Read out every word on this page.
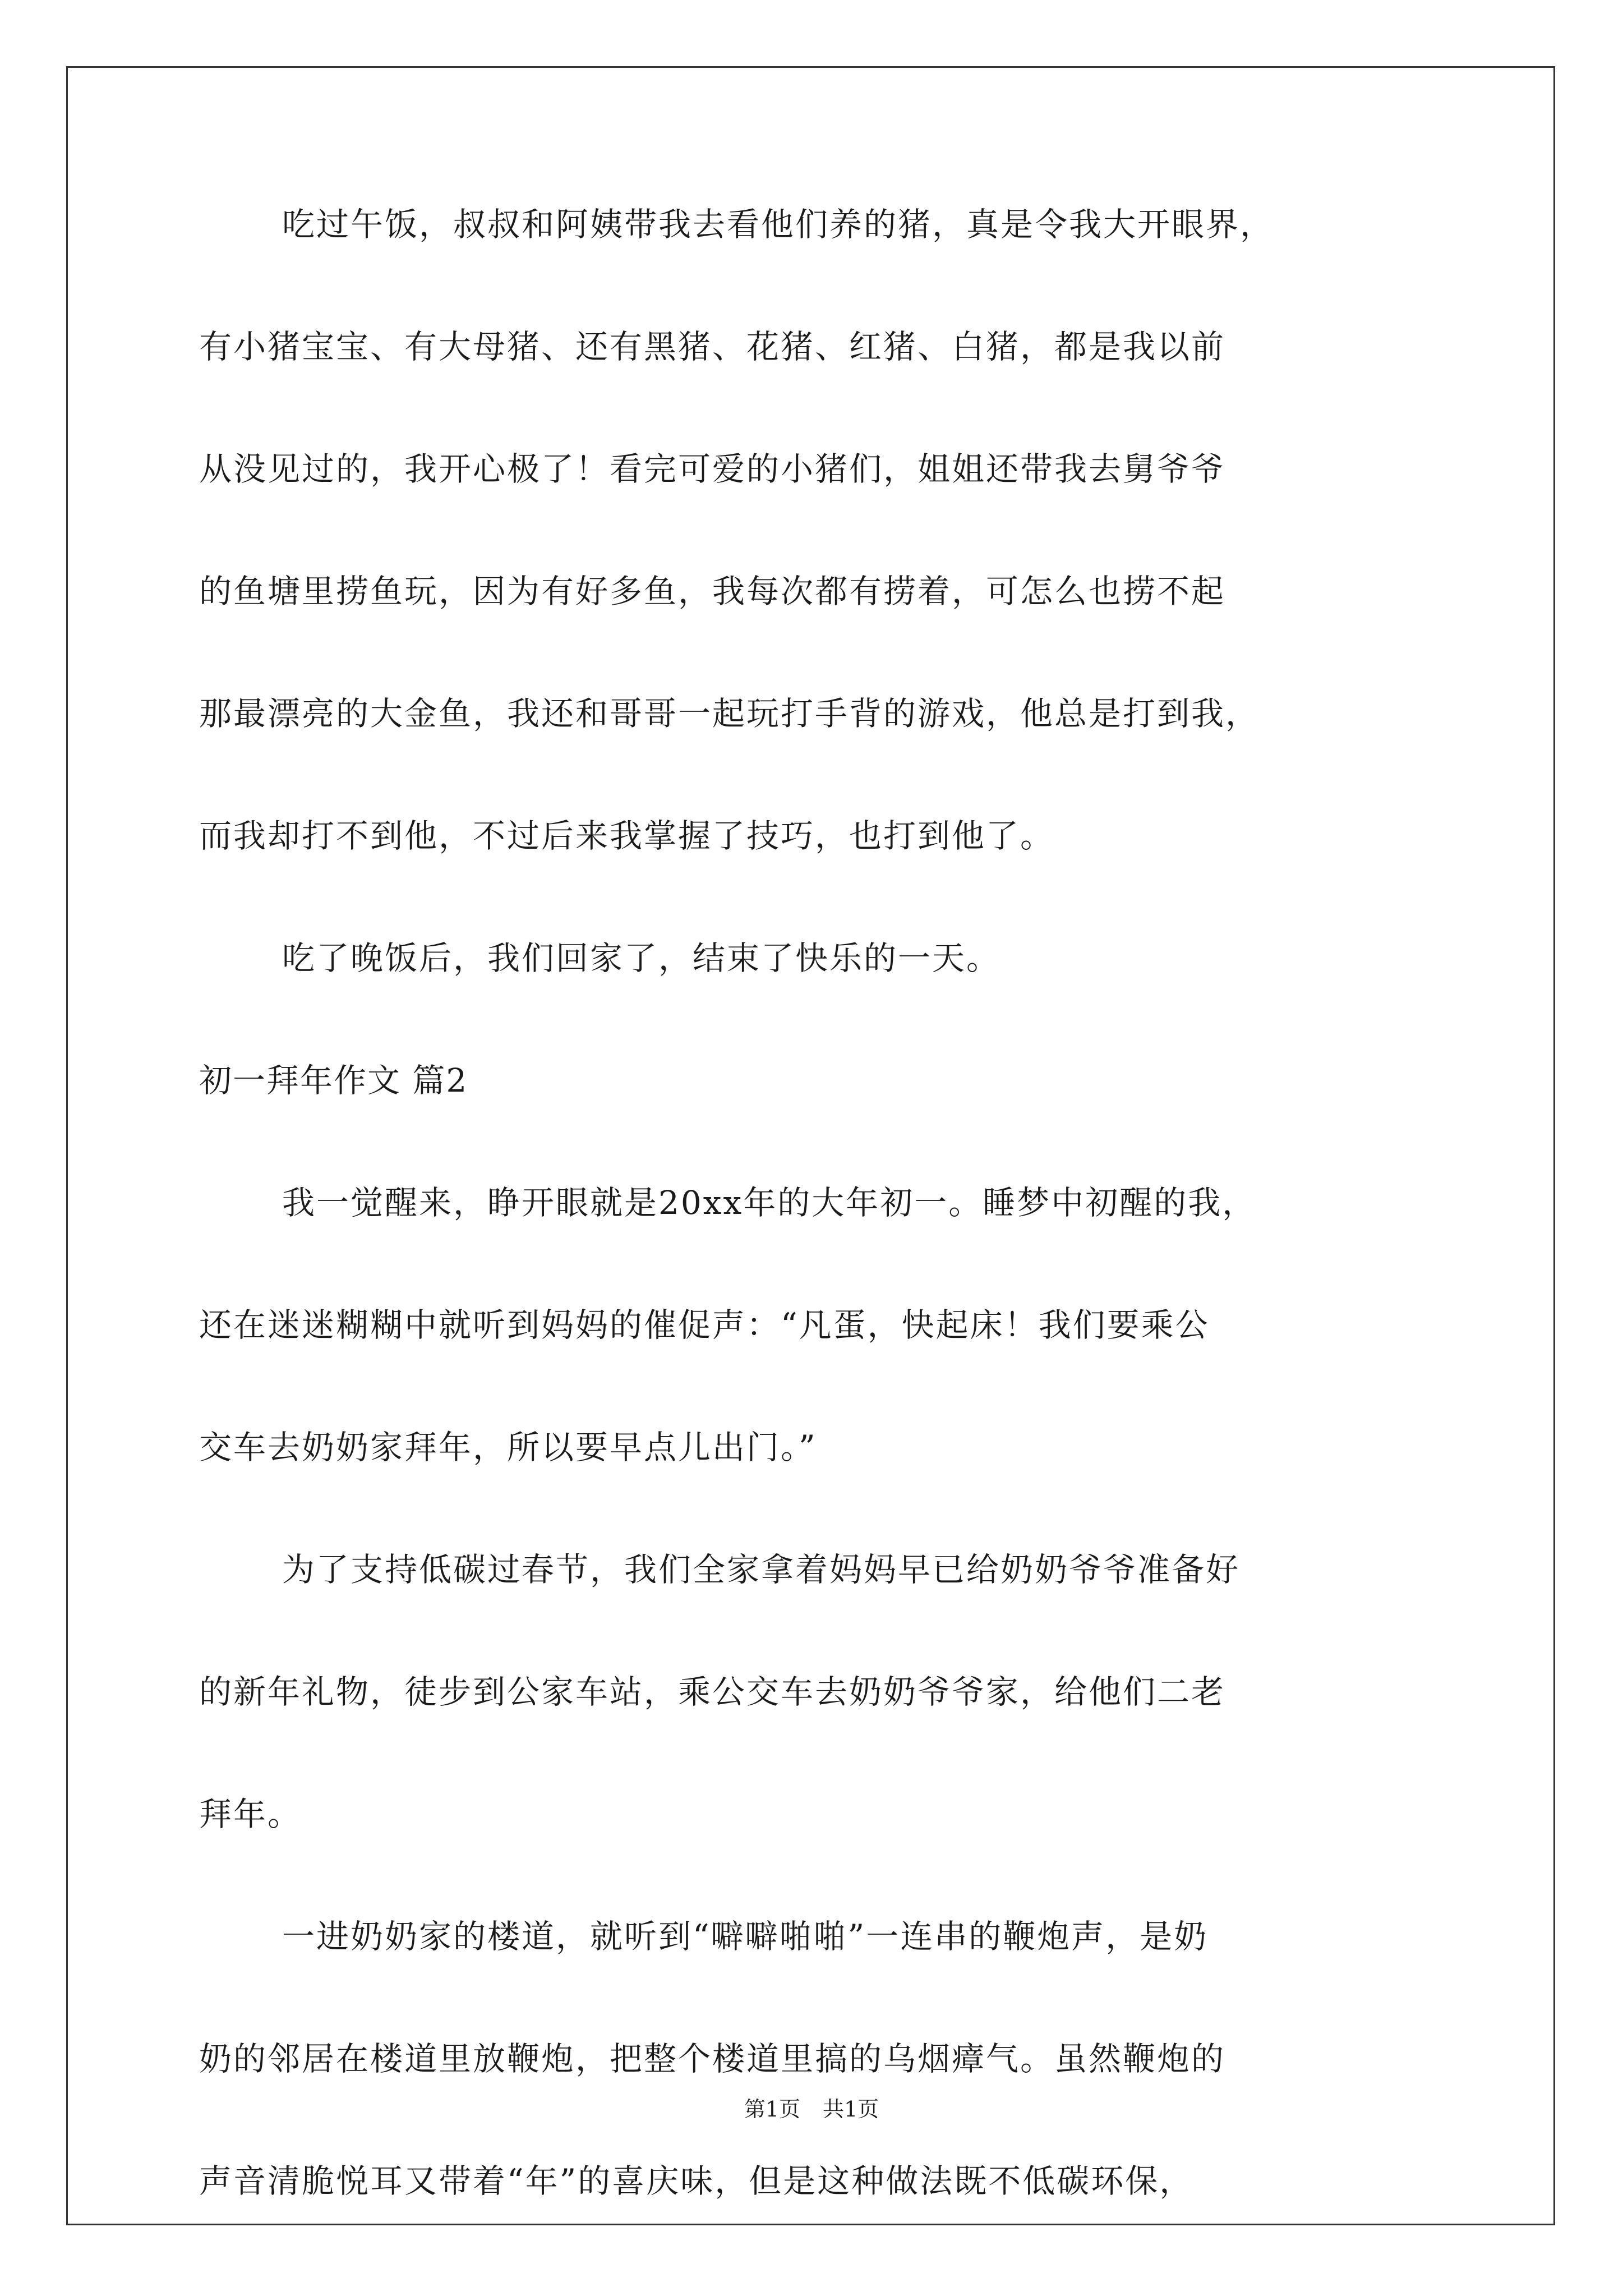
吃过午饭，叔叔和阿姨带我去看他们养的猪，真是令我大开眼界，
有小猪宝宝、有大母猪、还有黑猪、花猪、红猪、白猪，都是我以前
从没见过的，我开心极了！看完可爱的小猪们，姐姐还带我去舅爷爷
的鱼塘里捞鱼玩，因为有好多鱼，我每次都有捞着，可怎么也捞不起
那最漂亮的大金鱼，我还和哥哥一起玩打手背的游戏，他总是打到我，
而我却打不到他，不过后来我掌握了技巧，也打到他了。
吃了晚饭后，我们回家了，结束了快乐的一天。
初一拜年作文 篇2
我一觉醒来，睁开眼就是20xx年的大年初一。睡梦中初醒的我，
还在迷迷糊糊中就听到妈妈的催促声：“凡蛋，快起床！我们要乘公
交车去奶奶家拜年，所以要早点儿出门。”
为了支持低碳过春节，我们全家拿着妈妈早已给奶奶爷爷准备好
的新年礼物，徒步到公家车站，乘公交车去奶奶爷爷家，给他们二老
拜年。
一进奶奶家的楼道，就听到“噼噼啪啪”一连串的鞭炮声，是奶
奶的邻居在楼道里放鞭炮，把整个楼道里搞的乌烟瘴气。虽然鞭炮的
声音清脆悦耳又带着“年”的喜庆味，但是这种做法既不低碳环保，
第1页 共1页
